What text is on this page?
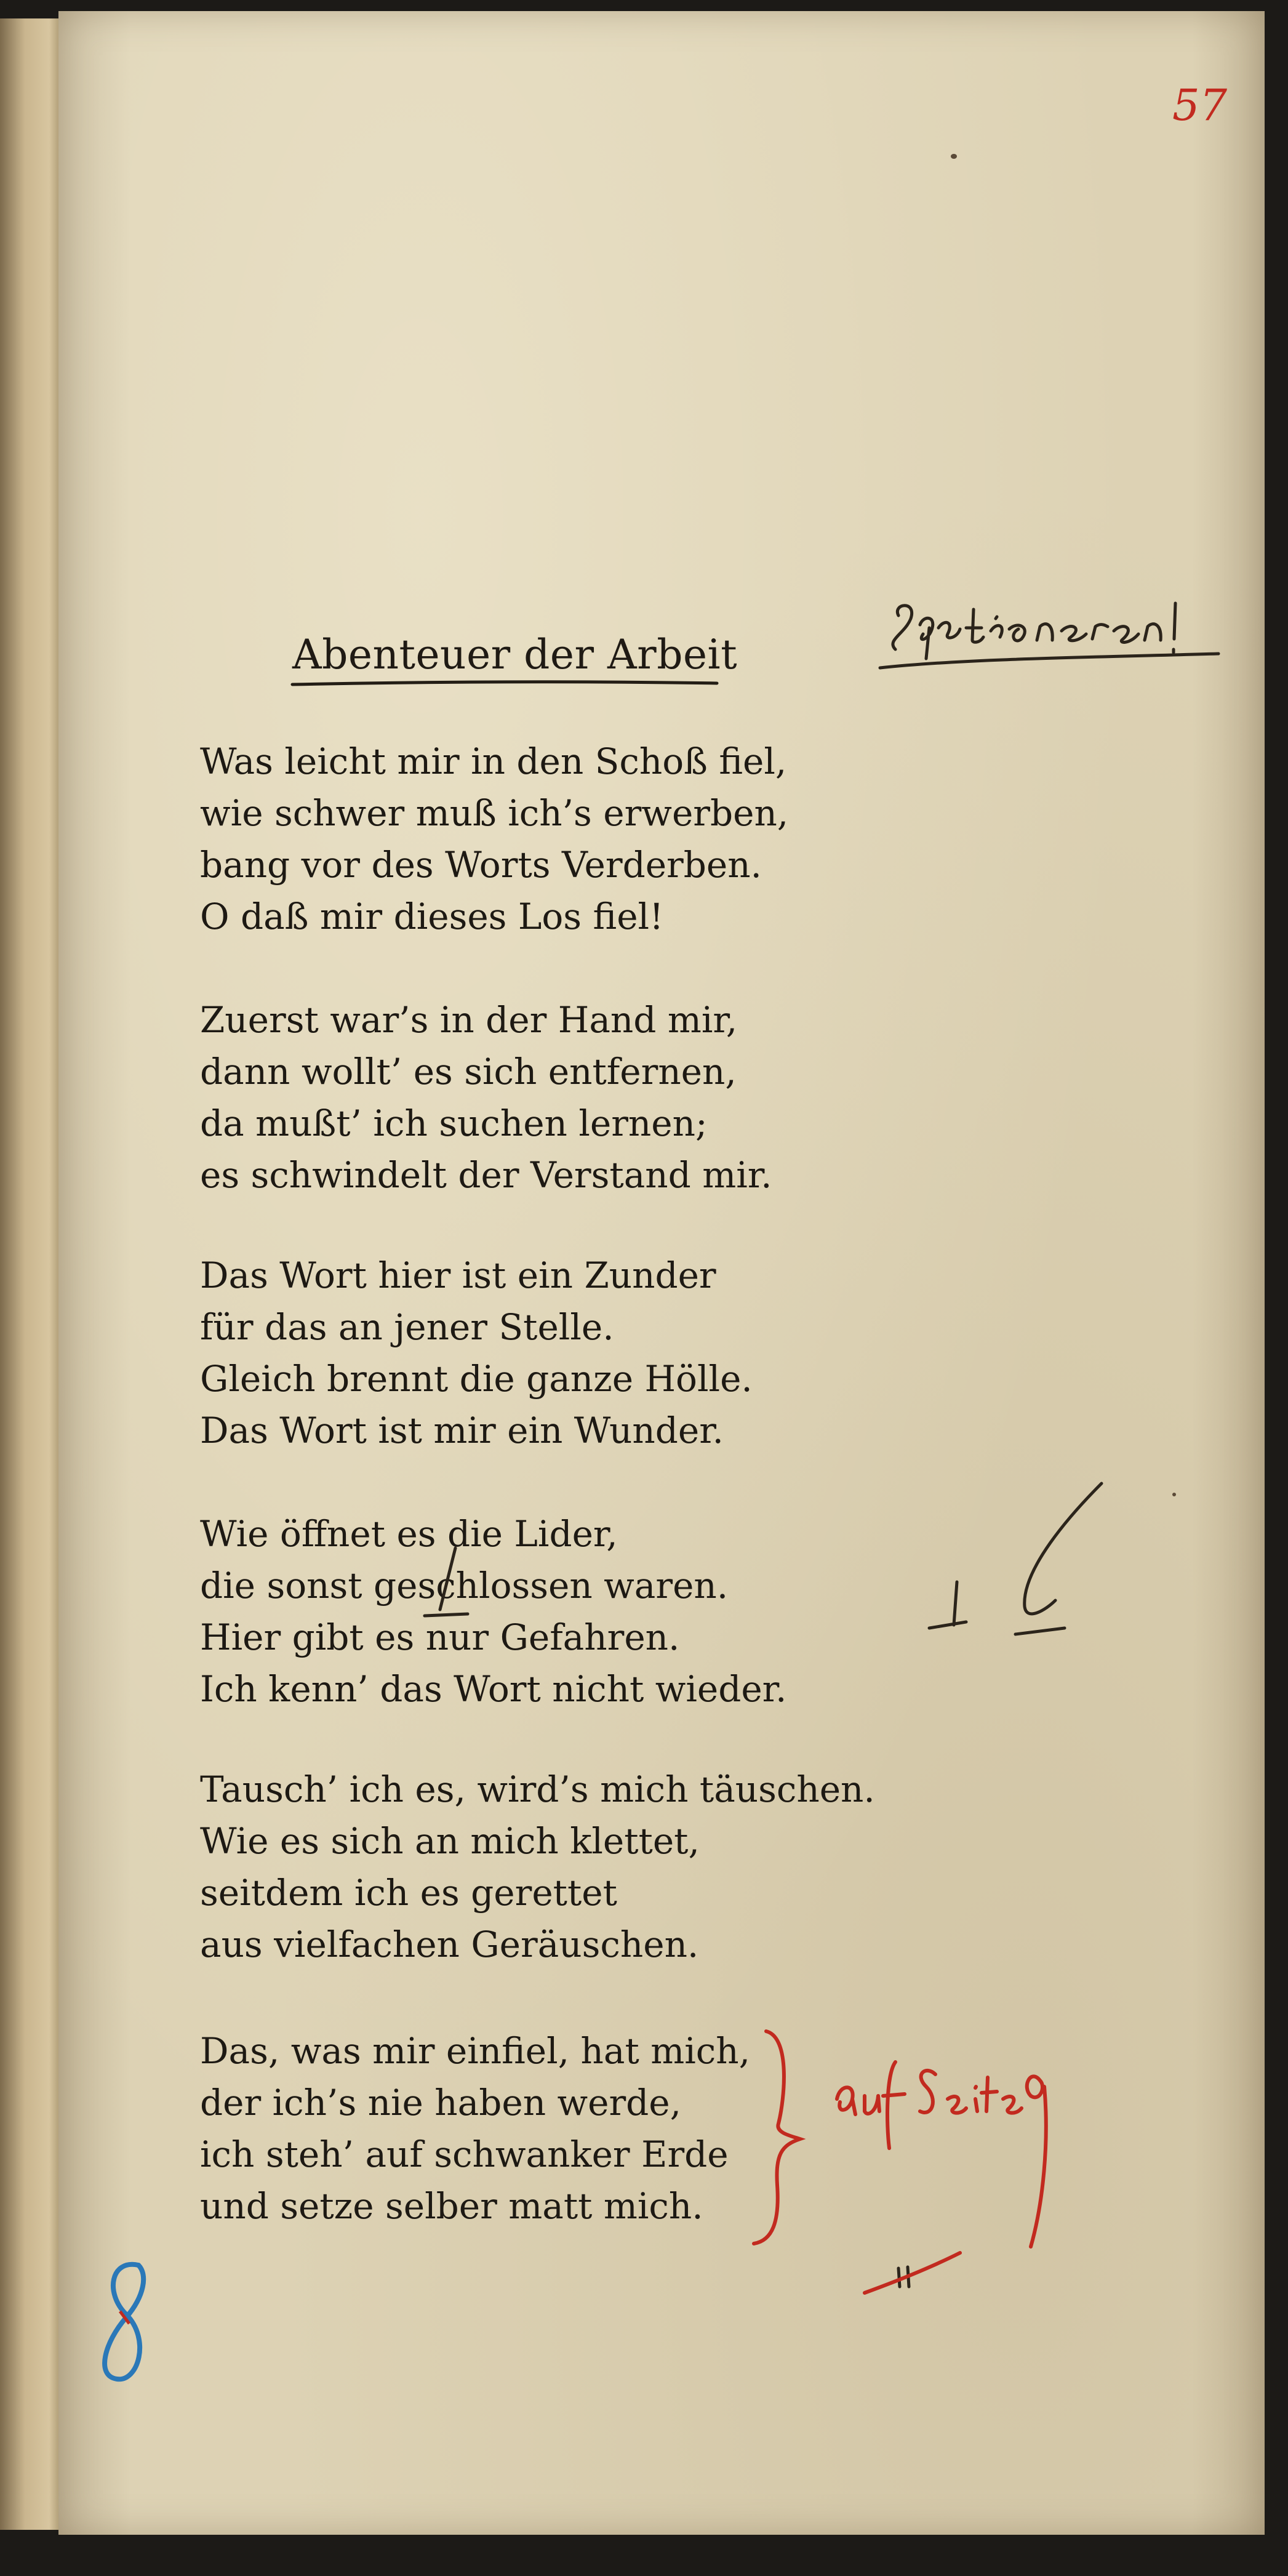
57
Abenteuer der Arbeit
Was leicht mir in den Schoß fiel,
wie schwer muß ich’s erwerben,
bang vor des Worts Verderben.
O daß mir dieses Los fiel!
Zuerst war’s in der Hand mir,
dann wollt’ es sich entfernen,
da mußt’ ich suchen lernen;
es schwindelt der Verstand mir.
Das Wort hier ist ein Zunder
für das an jener Stelle.
Gleich brennt die ganze Hölle.
Das Wort ist mir ein Wunder.
Wie öffnet es die Lider,
die sonst geschlossen waren.
Hier gibt es nur Gefahren.
Ich kenn’ das Wort nicht wieder.
Tausch’ ich es, wird’s mich täuschen.
Wie es sich an mich klettet,
seitdem ich es gerettet
aus vielfachen Geräuschen.
Das, was mir einfiel, hat mich,
der ich’s nie haben werde,
ich steh’ auf schwanker Erde
und setze selber matt mich.
